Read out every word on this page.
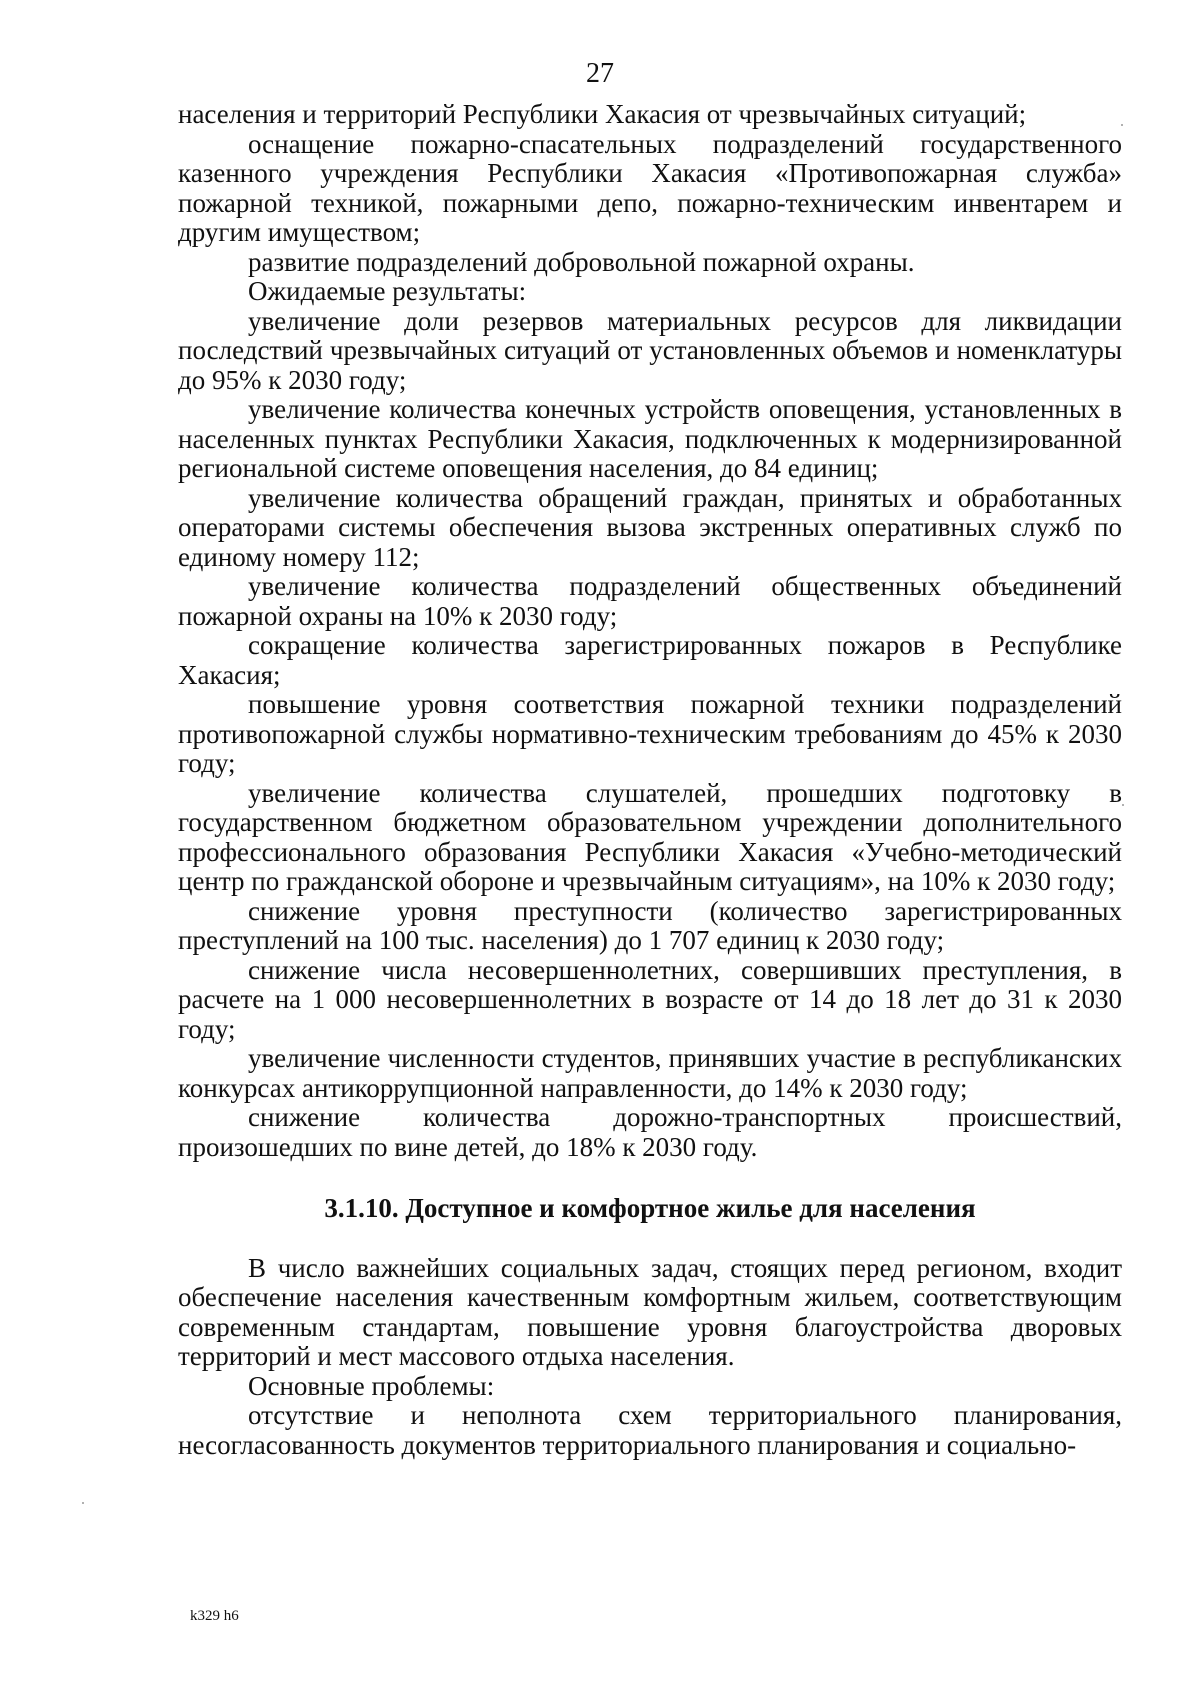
27

населения и территорий Республики Хакасия от чрезвычайных ситуаций;

оснащение пожарно-спасательных подразделений государственного казенного учреждения Республики Хакасия «Противопожарная служба» пожарной техникой, пожарными депо, пожарно-техническим инвентарем и другим имуществом;

развитие подразделений добровольной пожарной охраны.

Ожидаемые результаты:

увеличение доли резервов материальных ресурсов для ликвидации последствий чрезвычайных ситуаций от установленных объемов и номенклатуры до 95% к 2030 году;

увеличение количества конечных устройств оповещения, установленных в населенных пунктах Республики Хакасия, подключенных к модернизированной региональной системе оповещения населения, до 84 единиц;

увеличение количества обращений граждан, принятых и обработанных операторами системы обеспечения вызова экстренных оперативных служб по единому номеру 112;

увеличение количества подразделений общественных объединений пожарной охраны на 10% к 2030 году;

сокращение количества зарегистрированных пожаров в Республике Хакасия;

повышение уровня соответствия пожарной техники подразделений противопожарной службы нормативно-техническим требованиям до 45% к 2030 году;

увеличение количества слушателей, прошедших подготовку в государственном бюджетном образовательном учреждении дополнительного профессионального образования Республики Хакасия «Учебно-методический центр по гражданской обороне и чрезвычайным ситуациям», на 10% к 2030 году;

снижение уровня преступности (количество зарегистрированных преступлений на 100 тыс. населения) до 1 707 единиц к 2030 году;

снижение числа несовершеннолетних, совершивших преступления, в расчете на 1 000 несовершеннолетних в возрасте от 14 до 18 лет до 31 к 2030 году;

увеличение численности студентов, принявших участие в республиканских конкурсах антикоррупционной направленности, до 14% к 2030 году;

снижение количества дорожно-транспортных происшествий, произошедших по вине детей, до 18% к 2030 году.

3.1.10. Доступное и комфортное жилье для населения

В число важнейших социальных задач, стоящих перед регионом, входит обеспечение населения качественным комфортным жильем, соответствующим современным стандартам, повышение уровня благоустройства дворовых территорий и мест массового отдыха населения.

Основные проблемы:

отсутствие и неполнота схем территориального планирования, несогласованность документов территориального планирования и социально-

k329 h6
